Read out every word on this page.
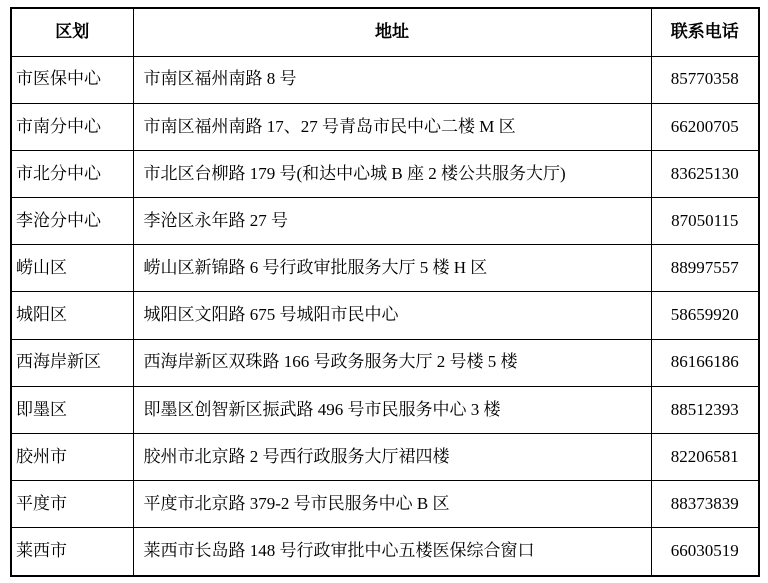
区划	地址	联系电话
市医保中心	市南区福州南路 8 号	85770358
市南分中心	市南区福州南路 17、27 号青岛市民中心二楼 M 区	66200705
市北分中心	市北区台柳路 179 号(和达中心城 B 座 2 楼公共服务大厅)	83625130
李沧分中心	李沧区永年路 27 号	87050115
崂山区	崂山区新锦路 6 号行政审批服务大厅 5 楼 H 区	88997557
城阳区	城阳区文阳路 675 号城阳市民中心	58659920
西海岸新区	西海岸新区双珠路 166 号政务服务大厅 2 号楼 5 楼	86166186
即墨区	即墨区创智新区振武路 496 号市民服务中心 3 楼	88512393
胶州市	胶州市北京路 2 号西行政服务大厅裙四楼	82206581
平度市	平度市北京路 379-2 号市民服务中心 B 区	88373839
莱西市	莱西市长岛路 148 号行政审批中心五楼医保综合窗口	66030519
